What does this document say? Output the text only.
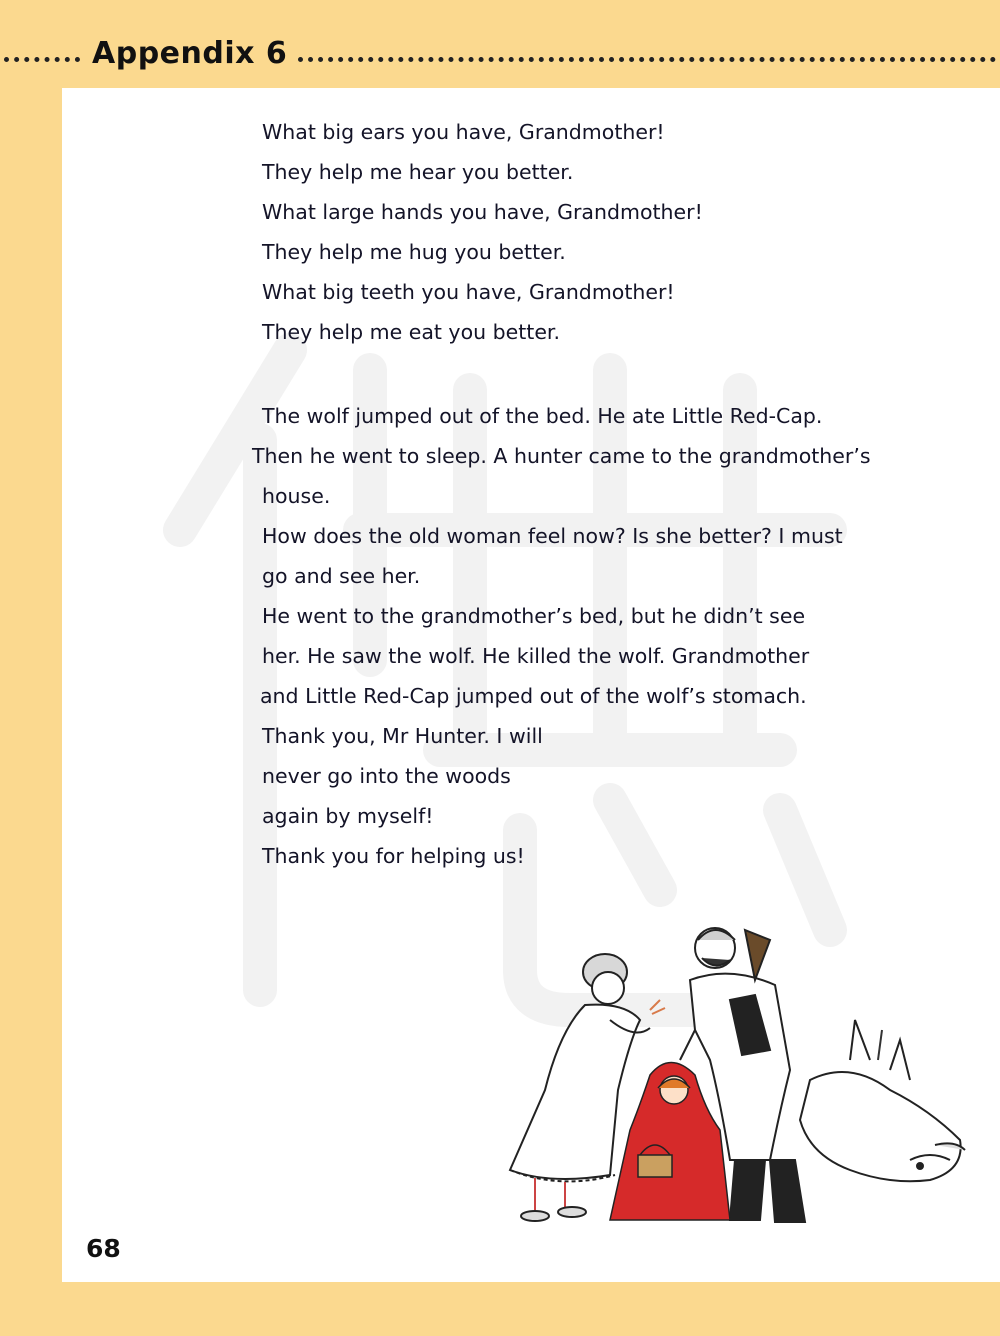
Appendix 6
What big ears you have, Grandmother!
They help me hear you better.
What large hands you have, Grandmother!
They help me hug you better.
What big teeth you have, Grandmother!
They help me eat you better.
The wolf jumped out of the bed. He ate Little Red-Cap.
Then he went to sleep. A hunter came to the grandmother’s
house.
How does the old woman feel now? Is she better? I must
go and see her.
He went to the grandmother’s bed, but he didn’t see
her. He saw the wolf. He killed the wolf. Grandmother
and Little Red-Cap jumped out of the wolf’s stomach.
Thank you, Mr Hunter. I will
never go into the woods
again by myself!
Thank you for helping us!
68
